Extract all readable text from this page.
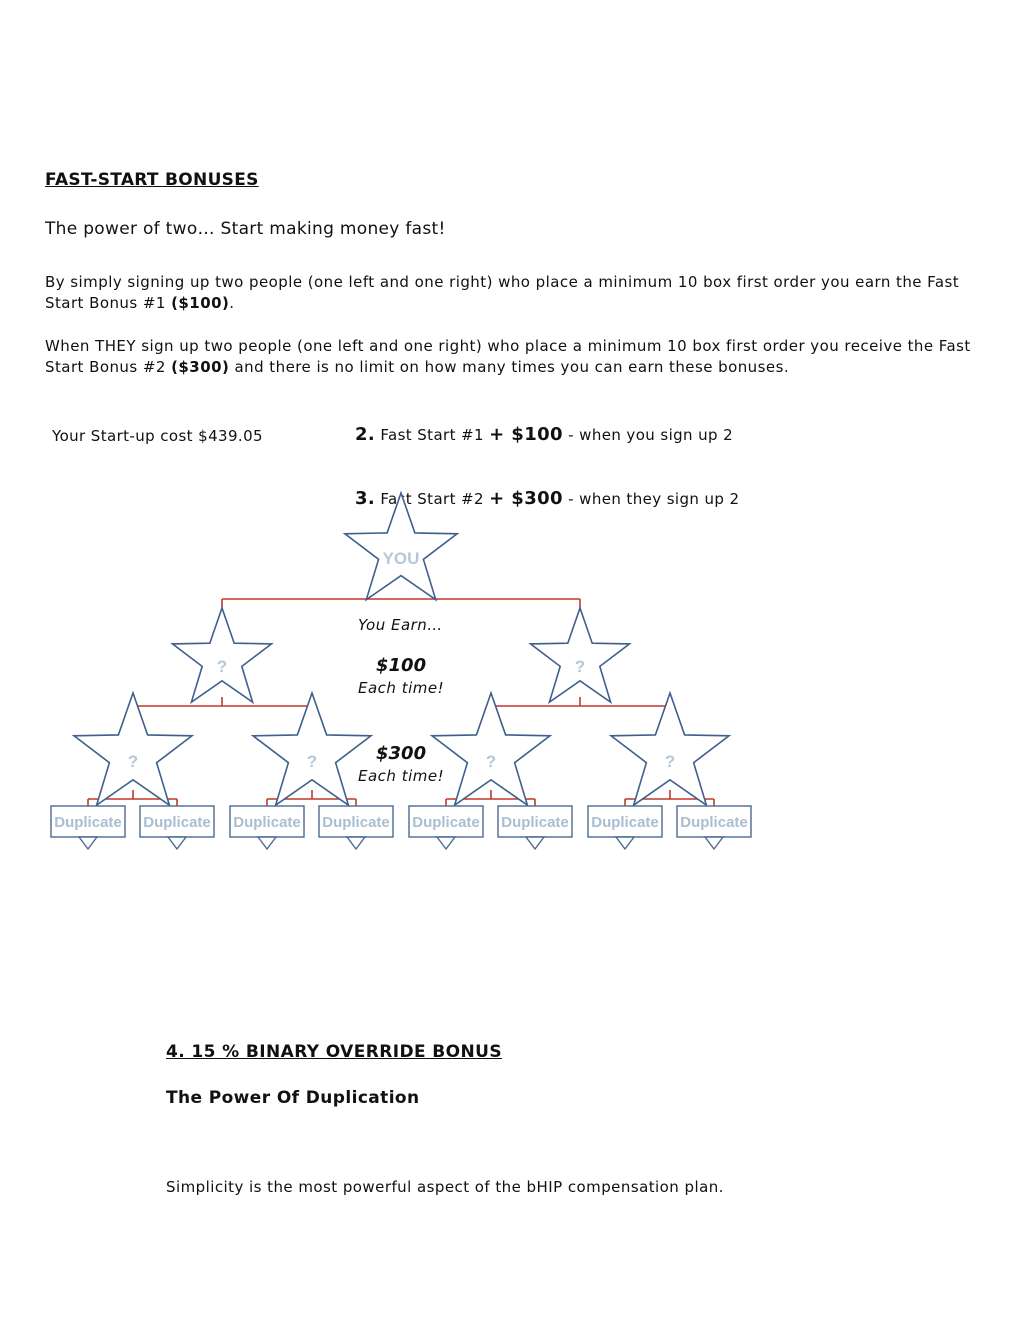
FAST-START BONUSES
The power of two… Start making money fast!
By simply signing up two people (one left and one right) who place a minimum 10 box first order you earn the Fast Start Bonus #1 ($100).
When THEY sign up two people (one left and one right) who place a minimum 10 box first order you receive the Fast Start Bonus #2 ($300) and there is no limit on how many times you can earn these bonuses.
Your Start-up cost $439.05	2. Fast Start #1 + $100 - when you sign up 2
3. Fast Start #2 + $300 - when they sign up 2
YOU
?	?
?	?	?	?
Duplicate Duplicate Duplicate Duplicate Duplicate Duplicate Duplicate Duplicate
You Earn…
$100
Each time!
$300
Each time!
4. 15 % BINARY OVERRIDE BONUS
The Power Of Duplication
Simplicity is the most powerful aspect of the bHIP compensation plan.
